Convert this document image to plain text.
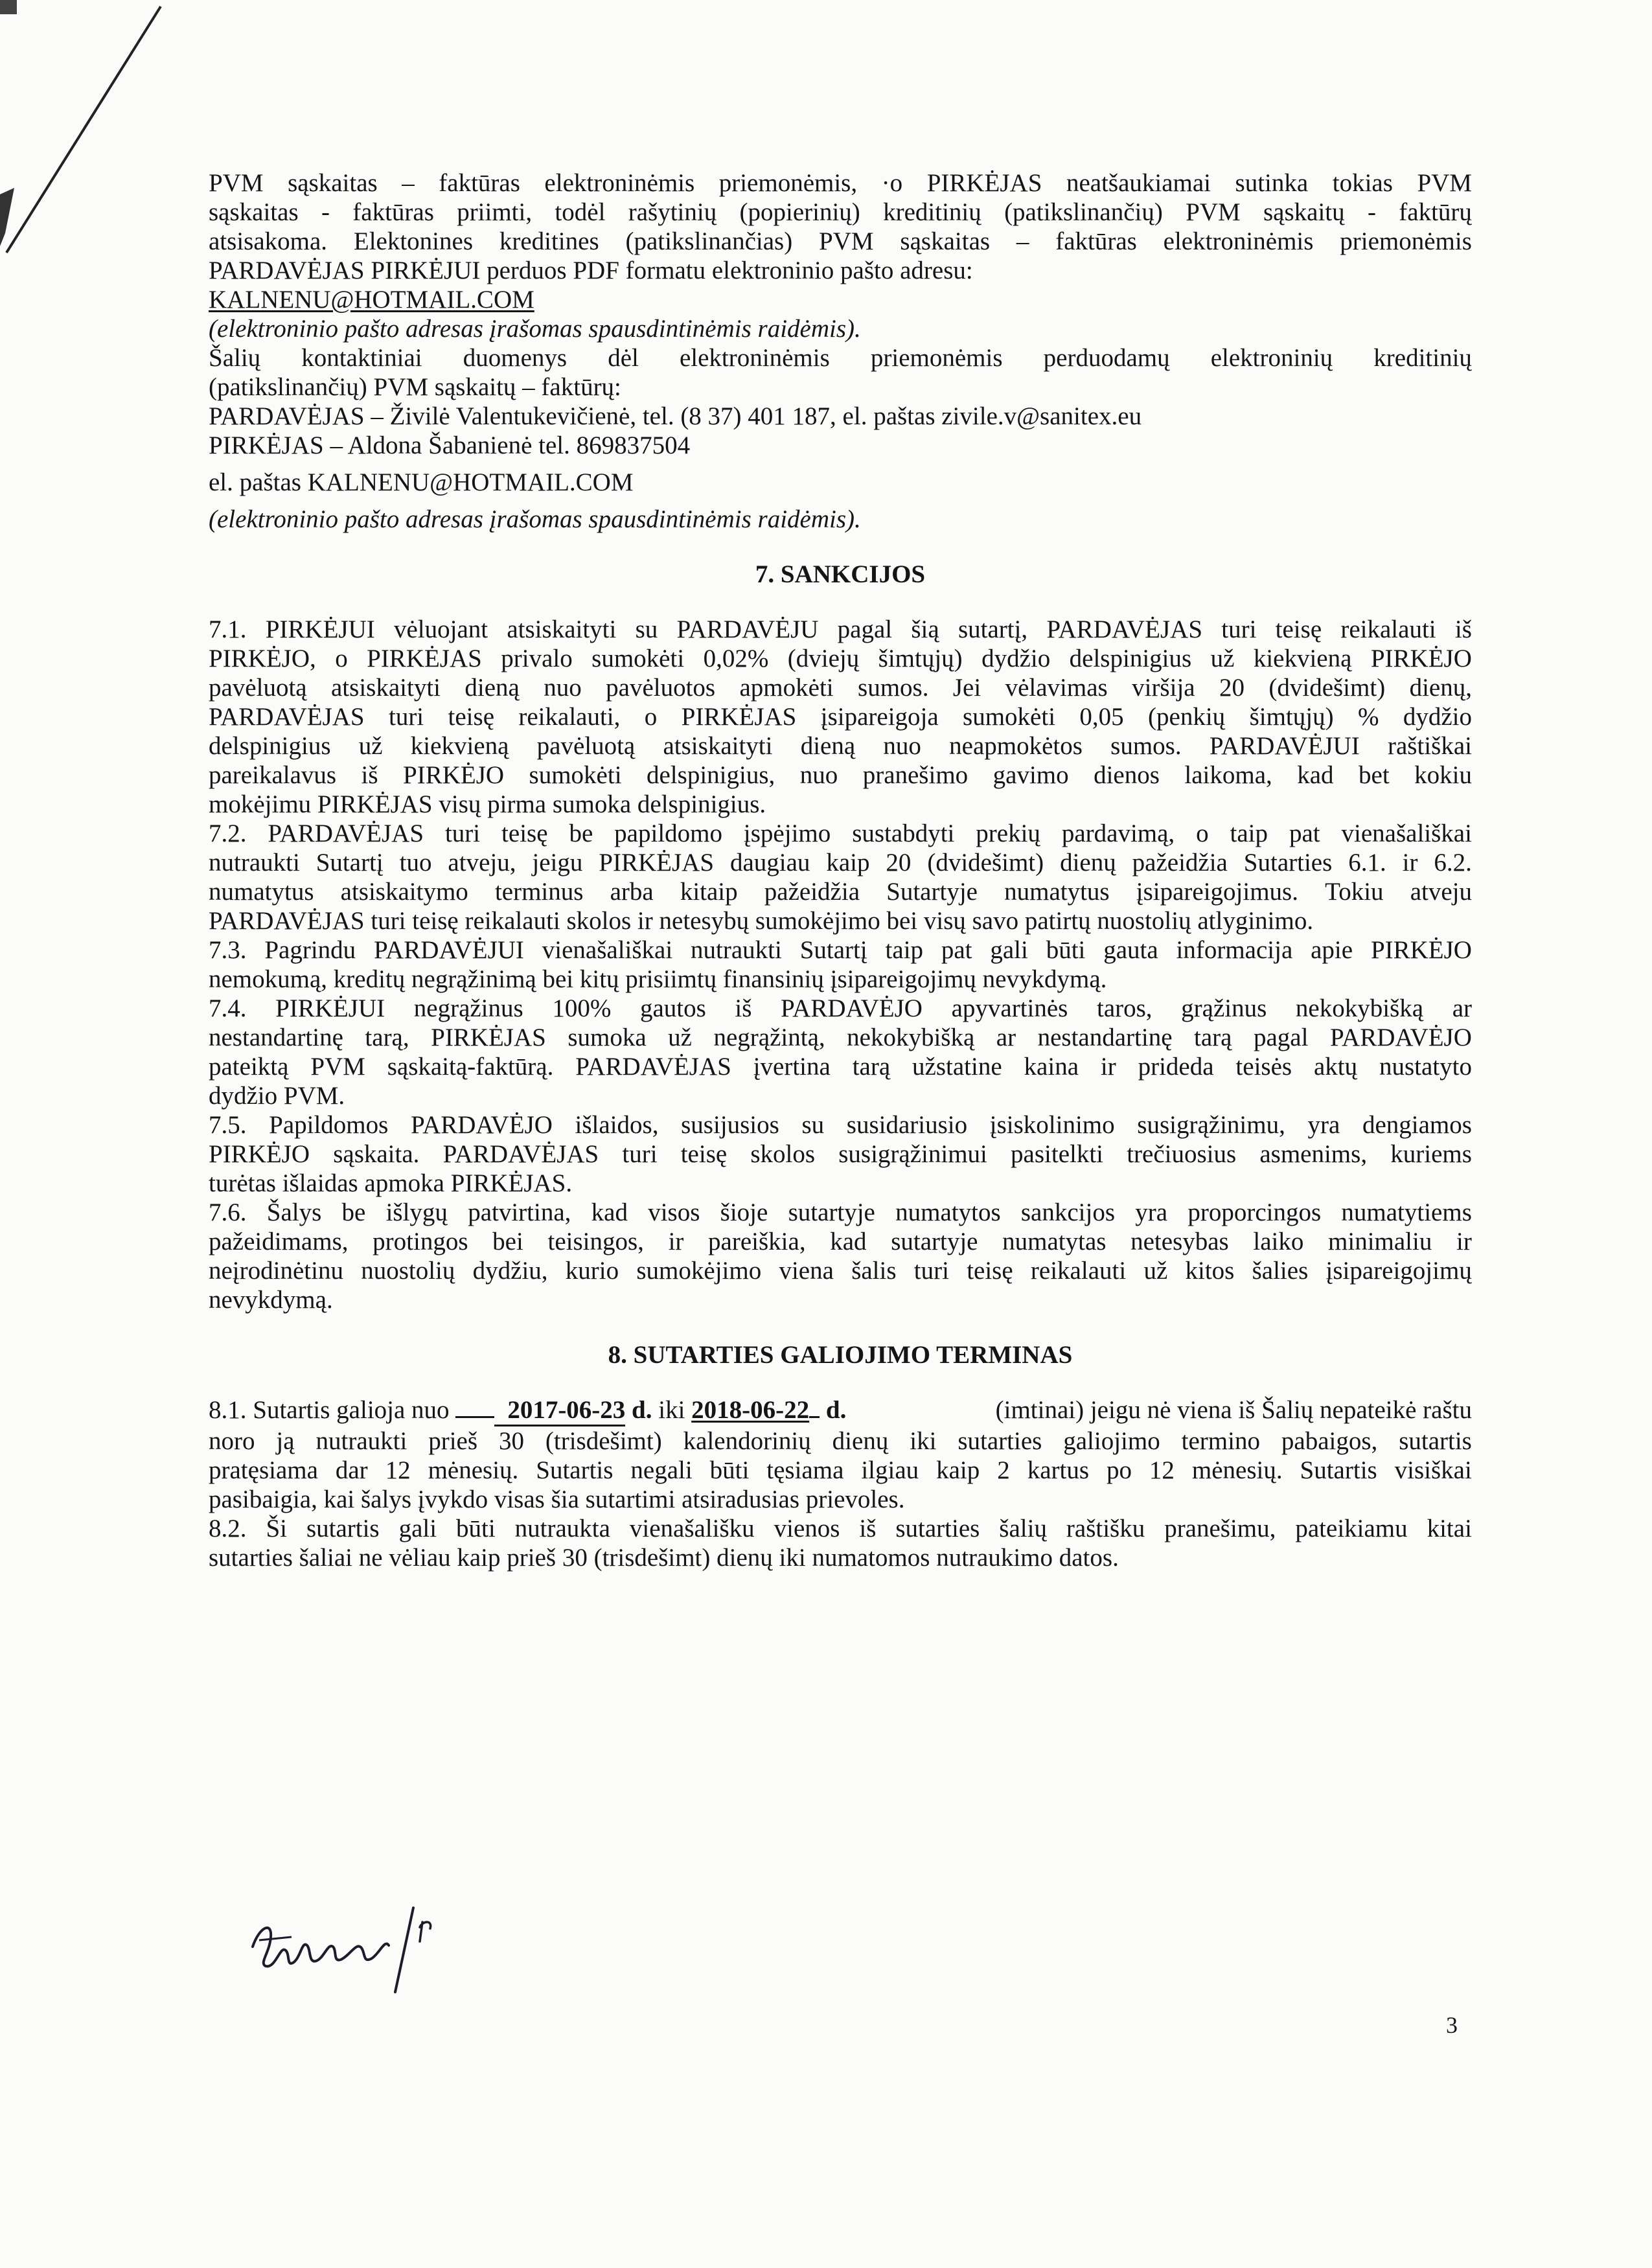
PVM sąskaitas – faktūras elektroninėmis priemonėmis, ·o PIRKĖJAS neatšaukiamai sutinka tokias PVM

sąskaitas - faktūras priimti, todėl rašytinių (popierinių) kreditinių (patikslinančių) PVM sąskaitų - faktūrų

atsisakoma. Elektonines kreditines (patikslinančias) PVM sąskaitas – faktūras elektroninėmis priemonėmis

PARDAVĖJAS PIRKĖJUI perduos PDF formatu elektroninio pašto adresu:

KALNENU@HOTMAIL.COM

(elektroninio pašto adresas įrašomas spausdintinėmis raidėmis).

Šalių kontaktiniai duomenys dėl elektroninėmis priemonėmis perduodamų elektroninių kreditinių

(patikslinančių) PVM sąskaitų – faktūrų:

PARDAVĖJAS – Živilė Valentukevičienė, tel. (8 37) 401 187, el. paštas zivile.v@sanitex.eu

PIRKĖJAS – Aldona Šabanienė tel. 869837504

el. paštas KALNENU@HOTMAIL.COM

(elektroninio pašto adresas įrašomas spausdintinėmis raidėmis).

7. SANKCIJOS

7.1. PIRKĖJUI vėluojant atsiskaityti su PARDAVĖJU pagal šią sutartį, PARDAVĖJAS turi teisę reikalauti iš

PIRKĖJO, o PIRKĖJAS privalo sumokėti 0,02% (dviejų šimtųjų) dydžio delspinigius už kiekvieną PIRKĖJO

pavėluotą atsiskaityti dieną nuo pavėluotos apmokėti sumos. Jei vėlavimas viršija 20 (dvidešimt) dienų,

PARDAVĖJAS turi teisę reikalauti, o PIRKĖJAS įsipareigoja sumokėti 0,05 (penkių šimtųjų) % dydžio

delspinigius už kiekvieną pavėluotą atsiskaityti dieną nuo neapmokėtos sumos. PARDAVĖJUI raštiškai

pareikalavus iš PIRKĖJO sumokėti delspinigius, nuo pranešimo gavimo dienos laikoma, kad bet kokiu

mokėjimu PIRKĖJAS visų pirma sumoka delspinigius.

7.2. PARDAVĖJAS turi teisę be papildomo įspėjimo sustabdyti prekių pardavimą, o taip pat vienašališkai

nutraukti Sutartį tuo atveju, jeigu PIRKĖJAS daugiau kaip 20 (dvidešimt) dienų pažeidžia Sutarties 6.1. ir 6.2.

numatytus atsiskaitymo terminus arba kitaip pažeidžia Sutartyje numatytus įsipareigojimus. Tokiu atveju

PARDAVĖJAS turi teisę reikalauti skolos ir netesybų sumokėjimo bei visų savo patirtų nuostolių atlyginimo.

7.3. Pagrindu PARDAVĖJUI vienašališkai nutraukti Sutartį taip pat gali būti gauta informacija apie PIRKĖJO

nemokumą, kreditų negrąžinimą bei kitų prisiimtų finansinių įsipareigojimų nevykdymą.

7.4. PIRKĖJUI negrąžinus 100% gautos iš PARDAVĖJO apyvartinės taros, grąžinus nekokybišką ar

nestandartinę tarą, PIRKĖJAS sumoka už negrąžintą, nekokybišką ar nestandartinę tarą pagal PARDAVĖJO

pateiktą PVM sąskaitą-faktūrą. PARDAVĖJAS įvertina tarą užstatine kaina ir prideda teisės aktų nustatyto

dydžio PVM.

7.5. Papildomos PARDAVĖJO išlaidos, susijusios su susidariusio įsiskolinimo susigrąžinimu, yra dengiamos

PIRKĖJO sąskaita. PARDAVĖJAS turi teisę skolos susigrąžinimui pasitelkti trečiuosius asmenims, kuriems

turėtas išlaidas apmoka PIRKĖJAS.

7.6. Šalys be išlygų patvirtina, kad visos šioje sutartyje numatytos sankcijos yra proporcingos numatytiems

pažeidimams, protingos bei teisingos, ir pareiškia, kad sutartyje numatytas netesybas laiko minimaliu ir

neįrodinėtinu nuostolių dydžiu, kurio sumokėjimo viena šalis turi teisę reikalauti už kitos šalies įsipareigojimų

nevykdymą.

8. SUTARTIES GALIOJIMO TERMINAS

8.1. Sutartis galioja nuo 2017-06-23 d. iki 2018-06-22 d.	(imtinai) jeigu nė viena iš Šalių nepateikė raštu

noro ją nutraukti prieš 30 (trisdešimt) kalendorinių dienų iki sutarties galiojimo termino pabaigos, sutartis

pratęsiama dar 12 mėnesių. Sutartis negali būti tęsiama ilgiau kaip 2 kartus po 12 mėnesių. Sutartis visiškai

pasibaigia, kai šalys įvykdo visas šia sutartimi atsiradusias prievoles.

8.2. Ši sutartis gali būti nutraukta vienašališku vienos iš sutarties šalių raštišku pranešimu, pateikiamu kitai

sutarties šaliai ne vėliau kaip prieš 30 (trisdešimt) dienų iki numatomos nutraukimo datos.

3
